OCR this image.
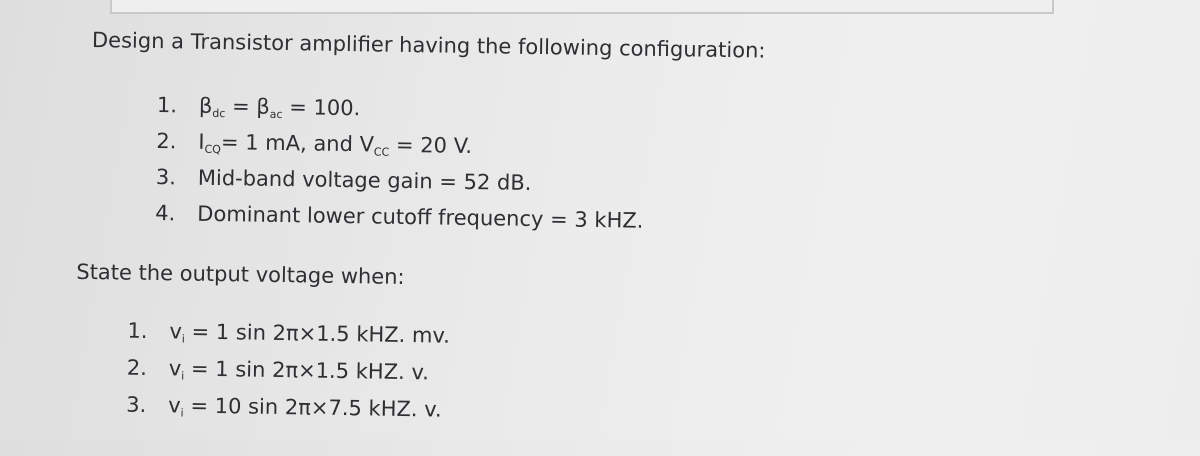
Design a Transistor amplifier having the following configuration:
1. βdc = βac = 100.
2. ICQ= 1 mA, and VCC = 20 V.
3. Mid-band voltage gain = 52 dB.
4. Dominant lower cutoff frequency = 3 kHZ.
State the output voltage when:
1. vi = 1 sin 2π×1.5 kHZ. mv.
2. vi = 1 sin 2π×1.5 kHZ. v.
3. vi = 10 sin 2π×7.5 kHZ. v.
